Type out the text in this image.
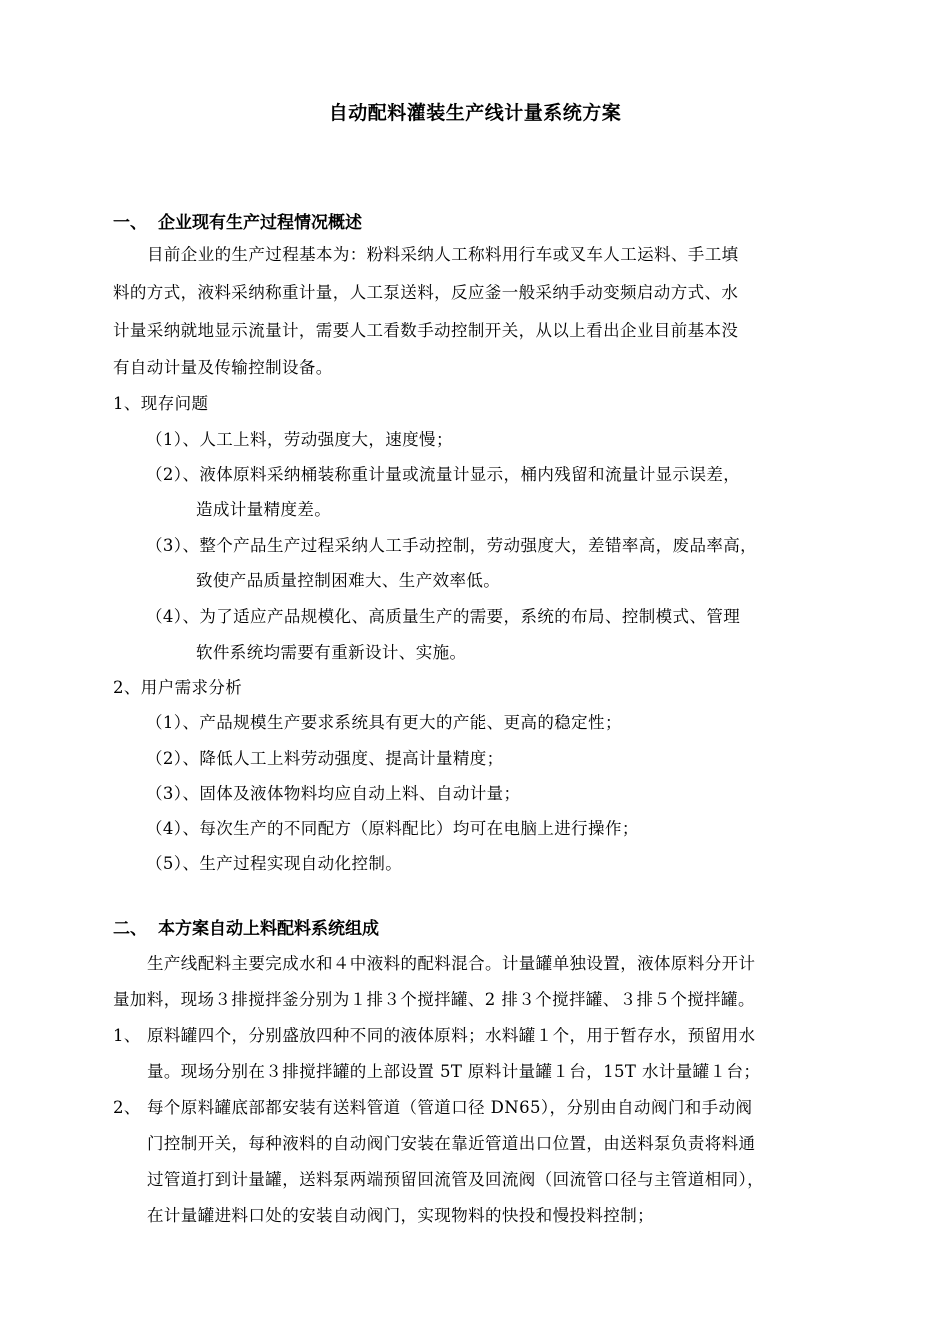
自动配料灌装生产线计量系统方案
一、 企业现有生产过程情况概述
目前企业的生产过程基本为：粉料采纳人工称料用行车或叉车人工运料、手工填
料的方式，液料采纳称重计量，人工泵送料，反应釜一般采纳手动变频启动方式、水
计量采纳就地显示流量计，需要人工看数手动控制开关，从以上看出企业目前基本没
有自动计量及传输控制设备。
1、现存问题
（1）、人工上料，劳动强度大，速度慢；
（2）、液体原料采纳桶装称重计量或流量计显示，桶内残留和流量计显示误差，
造成计量精度差。
（3）、整个产品生产过程采纳人工手动控制，劳动强度大，差错率高，废品率高，
致使产品质量控制困难大、生产效率低。
（4）、为了适应产品规模化、高质量生产的需要，系统的布局、控制模式、管理
软件系统均需要有重新设计、实施。
2、用户需求分析
（1）、产品规模生产要求系统具有更大的产能、更高的稳定性；
（2）、降低人工上料劳动强度、提高计量精度；
（3）、固体及液体物料均应自动上料、自动计量；
（4）、每次生产的不同配方（原料配比）均可在电脑上进行操作；
（5）、生产过程实现自动化控制。
二、 本方案自动上料配料系统组成
生产线配料主要完成水和４中液料的配料混合。计量罐单独设置，液体原料分开计
量加料，现场３排搅拌釜分别为１排３个搅拌罐、2 排３个搅拌罐、３排５个搅拌罐。
1、 原料罐四个，分别盛放四种不同的液体原料；水料罐１个，用于暂存水，预留用水
量。现场分别在３排搅拌罐的上部设置 5T 原料计量罐１台，15T 水计量罐１台；
2、 每个原料罐底部都安装有送料管道（管道口径 DN65），分别由自动阀门和手动阀
门控制开关，每种液料的自动阀门安装在靠近管道出口位置，由送料泵负责将料通
过管道打到计量罐，送料泵两端预留回流管及回流阀（回流管口径与主管道相同），
在计量罐进料口处的安装自动阀门，实现物料的快投和慢投料控制；
